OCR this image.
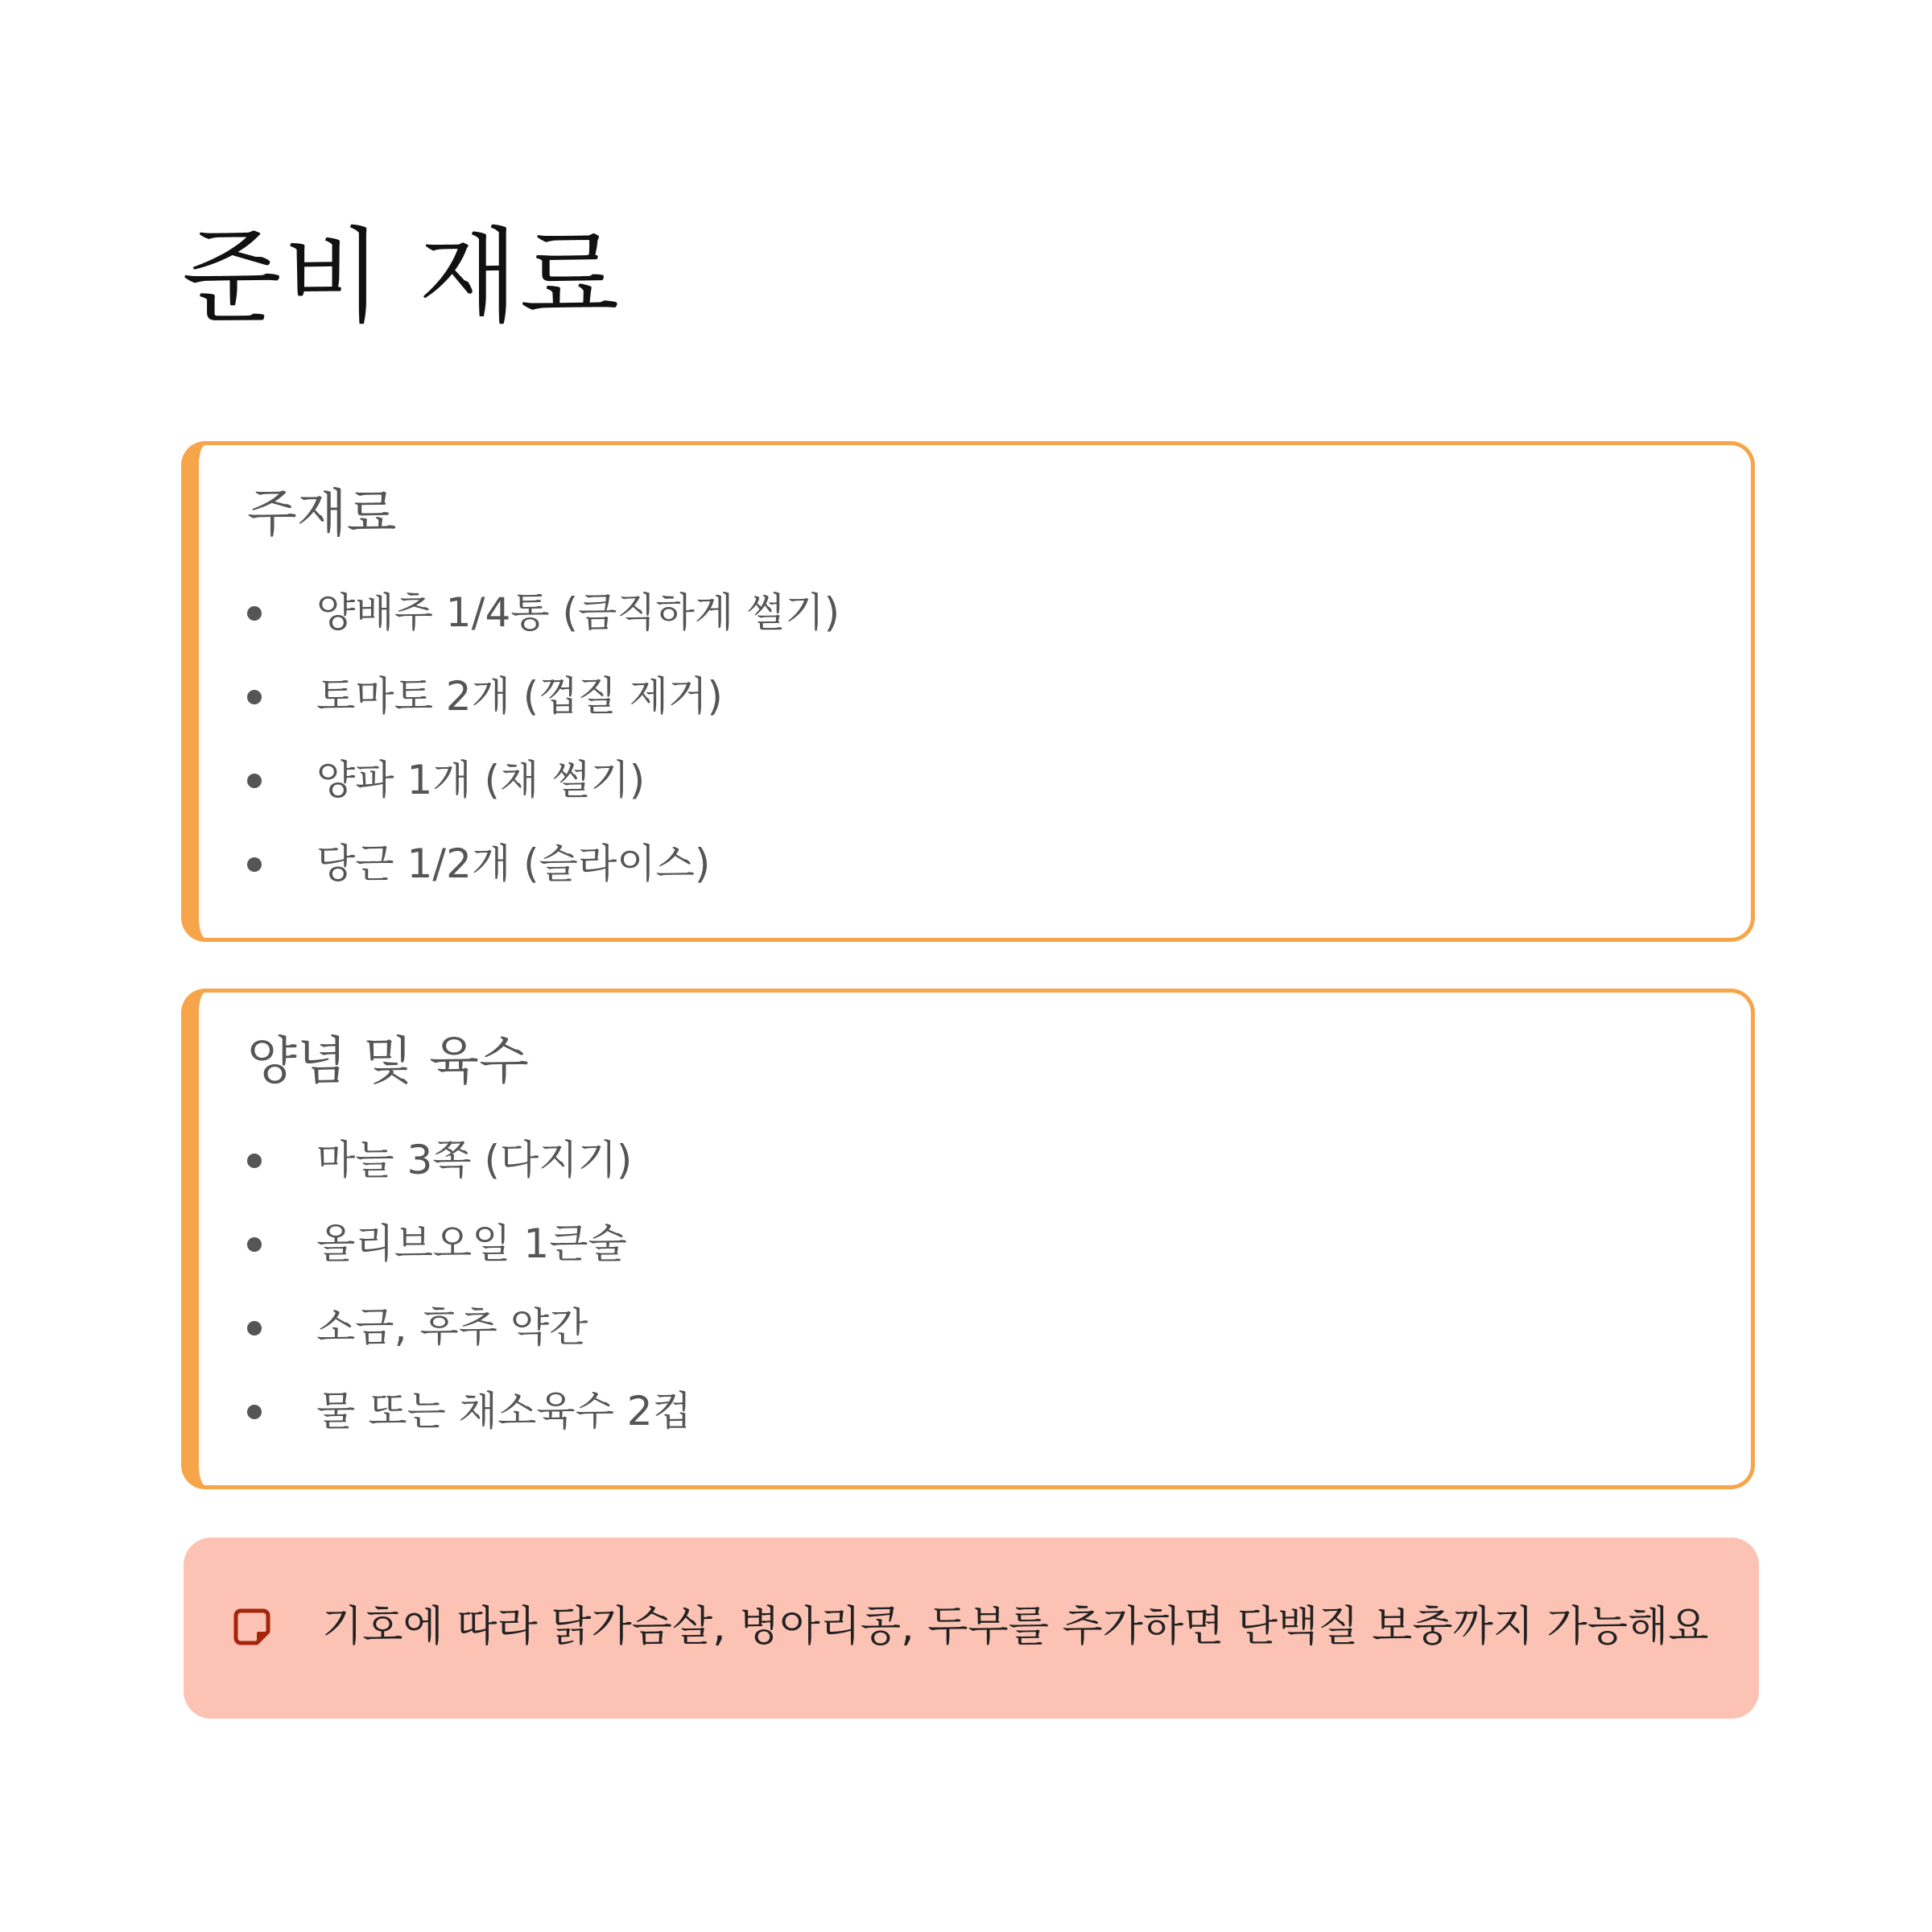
준비 재료
주재료
양배추 1/4통 (큼직하게 썰기)
토마토 2개 (껍질 제거)
양파 1개 (채 썰기)
당근 1/2개 (슬라이스)
양념 및 육수
마늘 3쪽 (다지기)
올리브오일 1큰술
소금, 후추 약간
물 또는 채소육수 2컵
기호에 따라 닭가슴살, 병아리콩, 두부를 추가하면 단백질 보충까지 가능해요
